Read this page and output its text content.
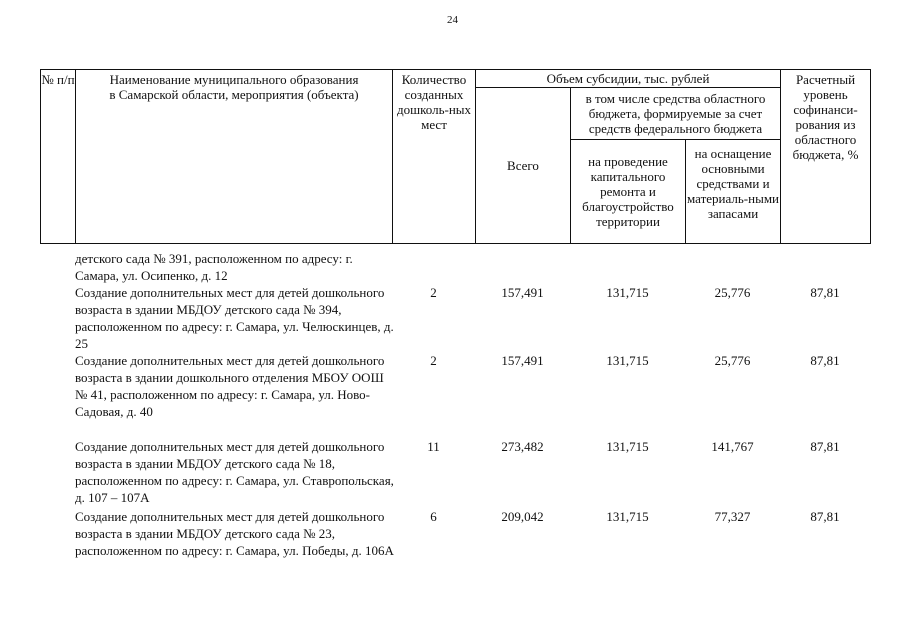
24
№ п/п	Наименование муниципального образования в Самарской области, мероприятия (объекта)	Количество созданных дошколь-ных мест	Объем субсидии, тыс. рублей			Расчетный уровень софинанси-рования из областного бюджета, %
			Всего	в том числе средства областного бюджета, формируемые за счет средств федерального бюджета		
				на проведение капитального ремонта и благоустройство территории	на оснащение основными средствами и материаль-ными запасами	
детского сада № 391, расположенном по адресу: г. Самара, ул. Осипенко, д. 12
Создание дополнительных мест для детей дошкольного возраста в здании МБДОУ детского сада № 394, расположенном по адресу: г. Самара, ул. Челюскинцев, д. 25
2	157,491	131,715	25,776	87,81
Создание дополнительных мест для детей дошкольного возраста в здании дошкольного отделения МБОУ ООШ № 41, расположенном по адресу: г. Самара, ул. Ново-Садовая, д. 40
2	157,491	131,715	25,776	87,81
Создание дополнительных мест для детей дошкольного возраста в здании МБДОУ детского сада № 18, расположенном по адресу: г. Самара, ул. Ставропольская, д. 107 – 107А
11	273,482	131,715	141,767	87,81
Создание дополнительных мест для детей дошкольного возраста в здании МБДОУ детского сада № 23, расположенном по адресу: г. Самара, ул. Победы, д. 106А
6	209,042	131,715	77,327	87,81
